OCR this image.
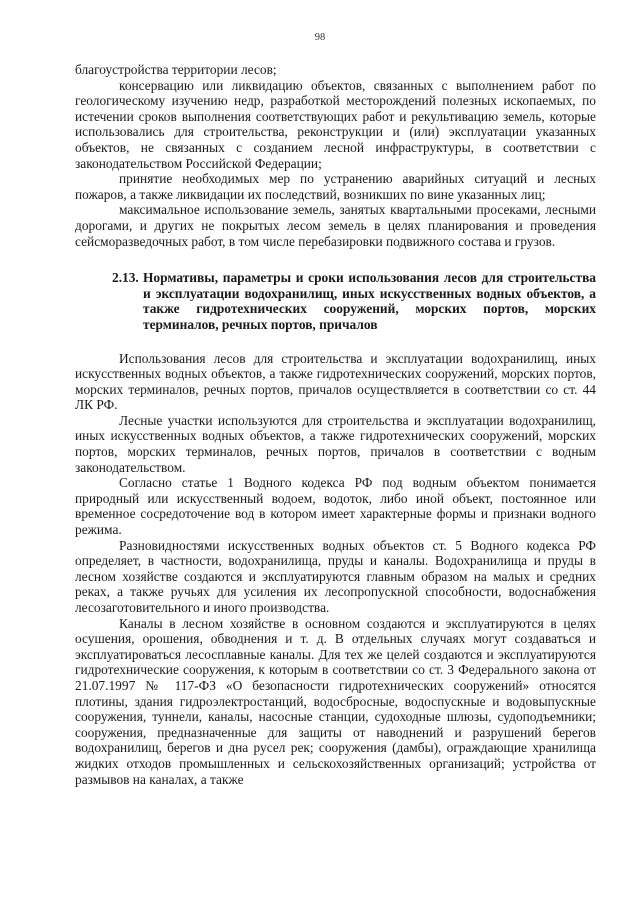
98

благоустройства территории лесов;

консервацию или ликвидацию объектов, связанных с выполнением работ по геологическому изучению недр, разработкой месторождений полезных ископаемых, по истечении сроков выполнения соответствующих работ и рекультивацию земель, которые использовались для строительства, реконструкции и (или) эксплуатации указанных объектов, не связанных с созданием лесной инфраструктуры, в соответствии с законодательством Российской Федерации;

принятие необходимых мер по устранению аварийных ситуаций и лесных пожаров, а также ликвидации их последствий, возникших по вине указанных лиц;

максимальное использование земель, занятых квартальными просеками, лесными дорогами, и других не покрытых лесом земель в целях планирования и проведения сейсморазведочных работ, в том числе перебазировки подвижного состава и грузов.

2.13. Нормативы, параметры и сроки использования лесов для строительства и эксплуатации водохранилищ, иных искусственных водных объектов, а также гидротехнических сооружений, морских портов, морских терминалов, речных портов, причалов

Использования лесов для строительства и эксплуатации водохранилищ, иных искусственных водных объектов, а также гидротехнических сооружений, морских портов, морских терминалов, речных портов, причалов осуществляется в соответствии со ст. 44 ЛК РФ.

Лесные участки используются для строительства и эксплуатации водохранилищ, иных искусственных водных объектов, а также гидротехнических сооружений, морских портов, морских терминалов, речных портов, причалов в соответствии с водным законодательством.

Согласно статье 1 Водного кодекса РФ под водным объектом понимается природный или искусственный водоем, водоток, либо иной объект, постоянное или временное сосредоточение вод в котором имеет характерные формы и признаки водного режима.

Разновидностями искусственных водных объектов ст. 5 Водного кодекса РФ определяет, в частности, водохранилища, пруды и каналы. Водохранилища и пруды в лесном хозяйстве создаются и эксплуатируются главным образом на малых и средних реках, а также ручьях для усиления их лесопропускной способности, водоснабжения лесозаготовительного и иного производства.

Каналы в лесном хозяйстве в основном создаются и эксплуатируются в целях осушения, орошения, обводнения и т. д. В отдельных случаях могут создаваться и эксплуатироваться лесосплавные каналы. Для тех же целей создаются и эксплуатируются гидротехнические сооружения, к которым в соответствии со ст. 3 Федерального закона от 21.07.1997 № 117-ФЗ «О безопасности гидротехнических сооружений» относятся плотины, здания гидроэлектростанций, водосбросные, водоспускные и водовыпускные сооружения, туннели, каналы, насосные станции, судоходные шлюзы, судоподъемники; сооружения, предназначенные для защиты от наводнений и разрушений берегов водохранилищ, берегов и дна русел рек; сооружения (дамбы), ограждающие хранилища жидких отходов промышленных и сельскохозяйственных организаций; устройства от размывов на каналах, а также
